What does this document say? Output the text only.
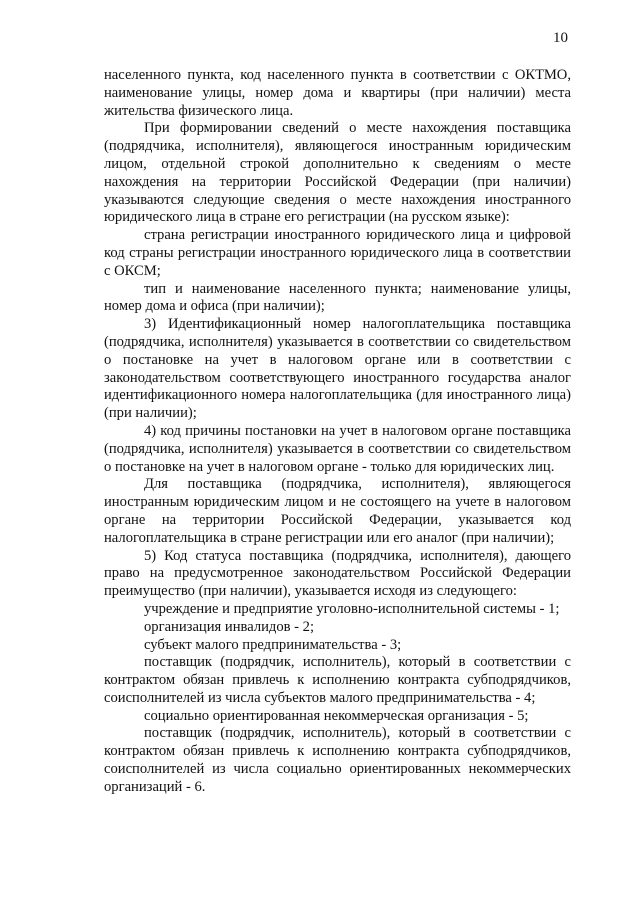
10

населенного пункта, код населенного пункта в соответствии с ОКТМО, наименование улицы, номер дома и квартиры (при наличии) места жительства физического лица.

При формировании сведений о месте нахождения поставщика (подрядчика, исполнителя), являющегося иностранным юридическим лицом, отдельной строкой дополнительно к сведениям о месте нахождения на территории Российской Федерации (при наличии) указываются следующие сведения о месте нахождения иностранного юридического лица в стране его регистрации (на русском языке):

страна регистрации иностранного юридического лица и цифровой код страны регистрации иностранного юридического лица в соответствии с ОКСМ;

тип и наименование населенного пункта; наименование улицы, номер дома и офиса (при наличии);

3) Идентификационный номер налогоплательщика поставщика (подрядчика, исполнителя) указывается в соответствии со свидетельством о постановке на учет в налоговом органе или в соответствии с законодательством соответствующего иностранного государства аналог идентификационного номера налогоплательщика (для иностранного лица) (при наличии);

4) код причины постановки на учет в налоговом органе поставщика (подрядчика, исполнителя) указывается в соответствии со свидетельством о постановке на учет в налоговом органе - только для юридических лиц.

Для поставщика (подрядчика, исполнителя), являющегося иностранным юридическим лицом и не состоящего на учете в налоговом органе на территории Российской Федерации, указывается код налогоплательщика в стране регистрации или его аналог (при наличии);

5) Код статуса поставщика (подрядчика, исполнителя), дающего право на предусмотренное законодательством Российской Федерации преимущество (при наличии), указывается исходя из следующего:

учреждение и предприятие уголовно-исполнительной системы - 1;

организация инвалидов - 2;

субъект малого предпринимательства - 3;

поставщик (подрядчик, исполнитель), который в соответствии с контрактом обязан привлечь к исполнению контракта субподрядчиков, соисполнителей из числа субъектов малого предпринимательства - 4;

социально ориентированная некоммерческая организация - 5;

поставщик (подрядчик, исполнитель), который в соответствии с контрактом обязан привлечь к исполнению контракта субподрядчиков, соисполнителей из числа социально ориентированных некоммерческих организаций - 6.
